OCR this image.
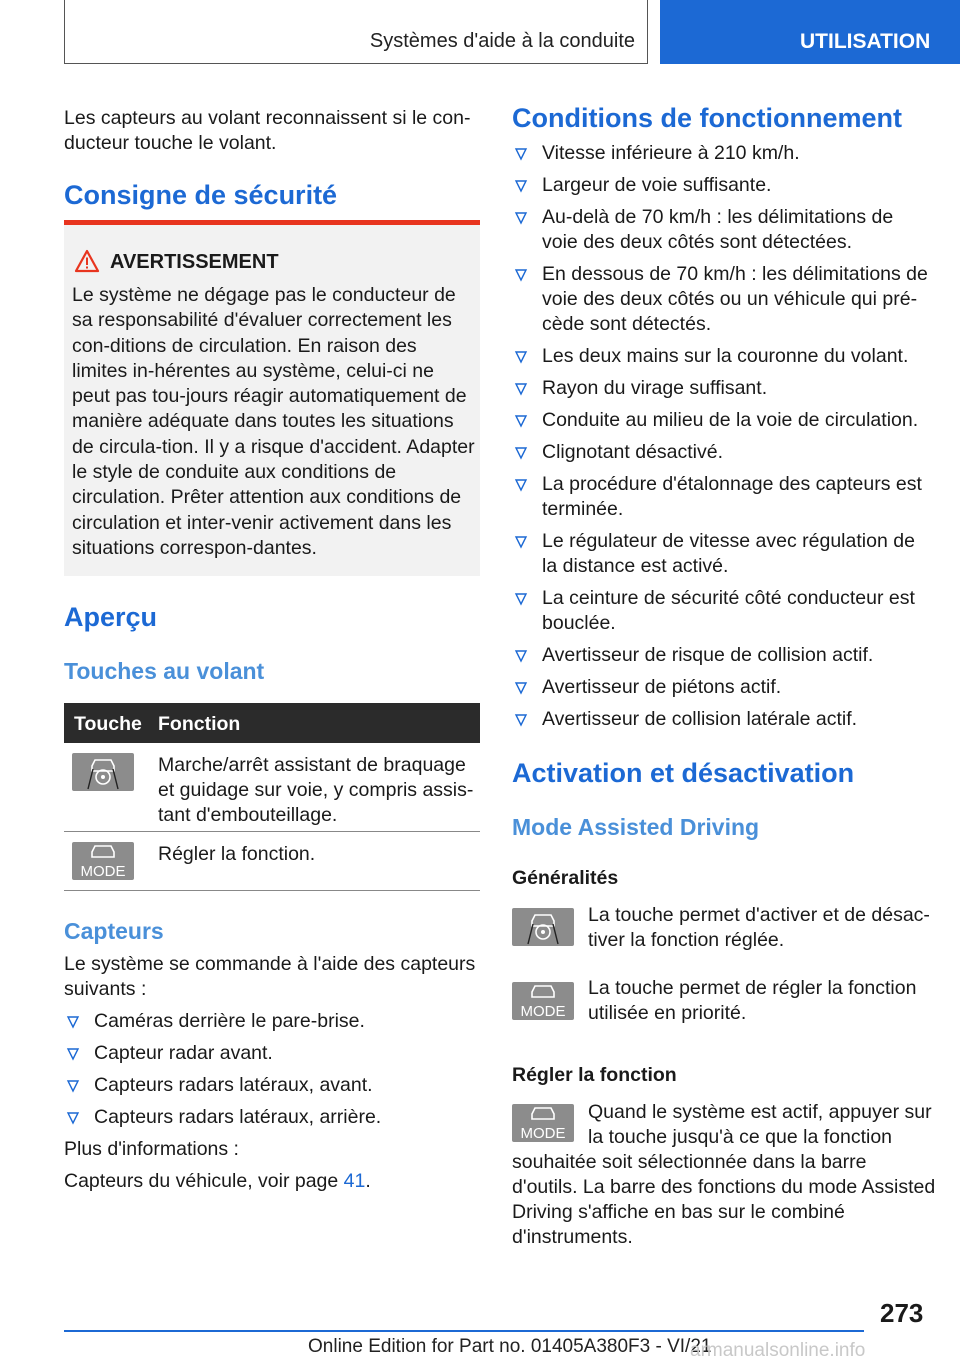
Systèmes d'aide à la conduite	UTILISATION

Les capteurs au volant reconnaissent si le con-
ducteur touche le volant.

Consigne de sécurité
AVERTISSEMENT
Le système ne dégage pas le conducteur de sa responsabilité d'évaluer correctement les con-ditions de circulation. En raison des limites in-hérentes au système, celui-ci ne peut pas tou-jours réagir automatiquement de manière adéquate dans toutes les situations de circula-tion. Il y a risque d'accident. Adapter le style de conduite aux conditions de circulation. Prêter attention aux conditions de circulation et inter-venir activement dans les situations correspon-dantes.
Aperçu
Touches au volant
Touche Fonction
Marche/arrêt assistant de braquage et guidage sur voie, y compris assis-tant d'embouteillage.
MODE
Régler la fonction.
Capteurs

Le système se commande à l'aide des capteurs suivants :

Caméras derrière le pare-brise.
Capteur radar avant.
Capteurs radars latéraux, avant.
Capteurs radars latéraux, arrière.

Plus d'informations :

Capteurs du véhicule, voir page 41.

Conditions de fonctionnement
Vitesse inférieure à 210 km/h.
Largeur de voie suffisante.
Au-delà de 70 km/h : les délimitations de voie des deux côtés sont détectées.
En dessous de 70 km/h : les délimitations de voie des deux côtés ou un véhicule qui pré-cède sont détectés.
Les deux mains sur la couronne du volant.
Rayon du virage suffisant.
Conduite au milieu de la voie de circulation.
Clignotant désactivé.
La procédure d'étalonnage des capteurs est terminée.
Le régulateur de vitesse avec régulation de la distance est activé.
La ceinture de sécurité côté conducteur est bouclée.
Avertisseur de risque de collision actif.
Avertisseur de piétons actif.
Avertisseur de collision latérale actif.
Activation et désactivation
Mode Assisted Driving
Généralités

La touche permet d'activer et de désac-tiver la fonction réglée.

MODE

La touche permet de régler la fonction utilisée en priorité.

Régler la fonction
MODE

Quand le système est actif, appuyer sur la touche jusqu'à ce que la fonction

souhaitée soit sélectionnée dans la barre d'outils. La barre des fonctions du mode Assisted Driving s'affiche en bas sur le combiné d'instruments.

273
Online Edition for Part no. 01405A380F3 - VI/21
armanualsonline.info
